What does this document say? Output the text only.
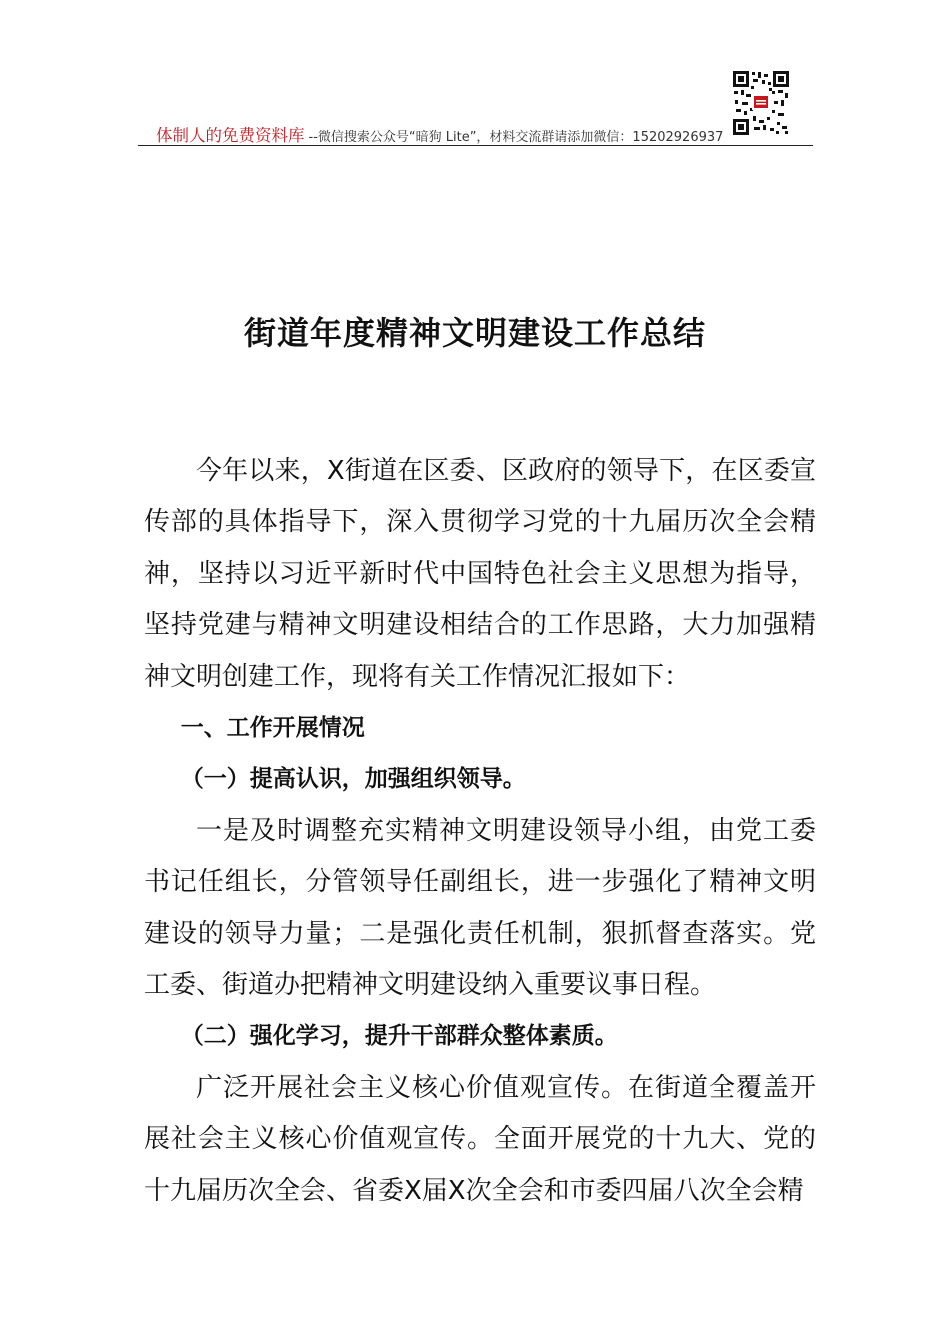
体制人的免费资料库 --微信搜索公众号“暗狗 Lite”，材料交流群请添加微信：15202926937
街道年度精神文明建设工作总结

今年以来，X街道在区委、区政府的领导下，在区委宣传部的具体指导下，深入贯彻学习党的十九届历次全会精神，坚持以习近平新时代中国特色社会主义思想为指导，坚持党建与精神文明建设相结合的工作思路，大力加强精神文明创建工作，现将有关工作情况汇报如下：

一、工作开展情况

（一）提高认识，加强组织领导。

一是及时调整充实精神文明建设领导小组，由党工委书记任组长，分管领导任副组长，进一步强化了精神文明建设的领导力量；二是强化责任机制，狠抓督查落实。党工委、街道办把精神文明建设纳入重要议事日程。

（二）强化学习，提升干部群众整体素质。

广泛开展社会主义核心价值观宣传。在街道全覆盖开展社会主义核心价值观宣传。全面开展党的十九大、党的十九届历次全会、省委X届X次全会和市委四届八次全会精
